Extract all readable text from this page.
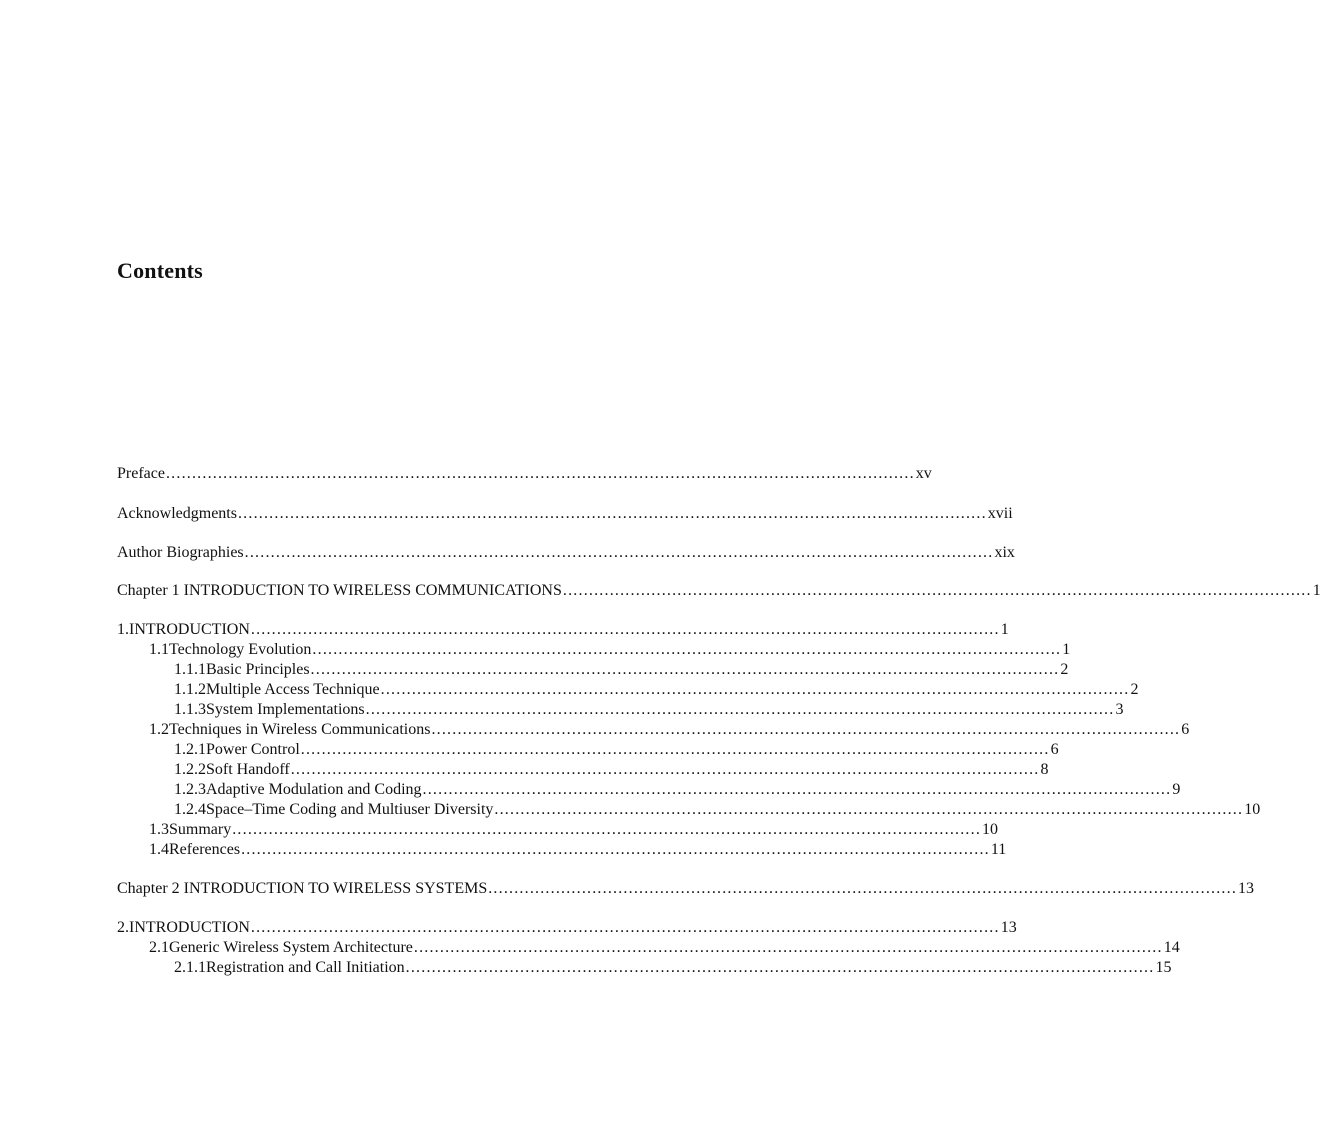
Contents
Preface ................................................................................................................................................ xv
Acknowledgments ................................................................................................................................................ xvii
Author Biographies ................................................................................................................................................ xix
Chapter 1 INTRODUCTION TO WIRELESS COMMUNICATIONS ................................................................................................................................................ 1
1. INTRODUCTION ................................................................................................................................................ 1
1.1 Technology Evolution ................................................................................................................................................ 1
1.1.1 Basic Principles ................................................................................................................................................ 2
1.1.2 Multiple Access Technique ................................................................................................................................................ 2
1.1.3 System Implementations ................................................................................................................................................ 3
1.2 Techniques in Wireless Communications ................................................................................................................................................ 6
1.2.1 Power Control ................................................................................................................................................ 6
1.2.2 Soft Handoff ................................................................................................................................................ 8
1.2.3 Adaptive Modulation and Coding ................................................................................................................................................ 9
1.2.4 Space–Time Coding and Multiuser Diversity ................................................................................................................................................ 10
1.3 Summary ................................................................................................................................................ 10
1.4 References ................................................................................................................................................ 11
Chapter 2 INTRODUCTION TO WIRELESS SYSTEMS ................................................................................................................................................ 13
2. INTRODUCTION ................................................................................................................................................ 13
2.1 Generic Wireless System Architecture ................................................................................................................................................ 14
2.1.1 Registration and Call Initiation ................................................................................................................................................ 15
